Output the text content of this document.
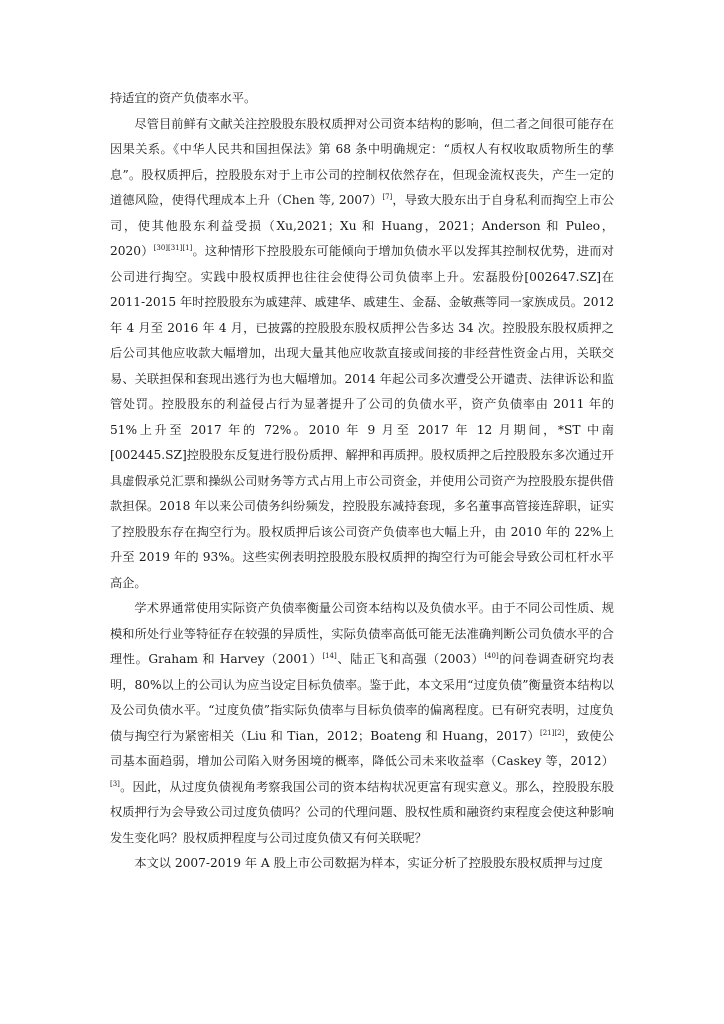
持适宜的资产负债率水平。

尽管目前鲜有文献关注控股股东股权质押对公司资本结构的影响，但二者之间很可能存在因果关系。《中华人民共和国担保法》第 68 条中明确规定：“质权人有权收取质物所生的孳息”。股权质押后，控股股东对于上市公司的控制权依然存在，但现金流权丧失，产生一定的道德风险，使得代理成本上升（Chen 等, 2007）[7]，导致大股东出于自身私利而掏空上市公司，使其他股东利益受损（Xu,2021；Xu 和 Huang，2021；Anderson 和 Puleo，2020）[30][31][1]。这种情形下控股股东可能倾向于增加负债水平以发挥其控制权优势，进而对公司进行掏空。实践中股权质押也往往会使得公司负债率上升。宏磊股份[002647.SZ]在 2011-2015 年时控股股东为戚建萍、戚建华、戚建生、金磊、金敏燕等同一家族成员。2012 年 4 月至 2016 年 4 月，已披露的控股股东股权质押公告多达 34 次。控股股东股权质押之后公司其他应收款大幅增加，出现大量其他应收款直接或间接的非经营性资金占用，关联交易、关联担保和套现出逃行为也大幅增加。2014 年起公司多次遭受公开谴责、法律诉讼和监管处罚。控股股东的利益侵占行为显著提升了公司的负债水平，资产负债率由 2011 年的 51%上升至 2017 年的 72%。2010 年 9 月至 2017 年 12 月期间，*ST 中南[002445.SZ]控股股东反复进行股份质押、解押和再质押。股权质押之后控股股东多次通过开具虚假承兑汇票和操纵公司财务等方式占用上市公司资金，并使用公司资产为控股股东提供借款担保。2018 年以来公司债务纠纷频发，控股股东减持套现，多名董事高管接连辞职，证实了控股股东存在掏空行为。股权质押后该公司资产负债率也大幅上升，由 2010 年的 22%上升至 2019 年的 93%。这些实例表明控股股东股权质押的掏空行为可能会导致公司杠杆水平高企。

学术界通常使用实际资产负债率衡量公司资本结构以及负债水平。由于不同公司性质、规模和所处行业等特征存在较强的异质性，实际负债率高低可能无法准确判断公司负债水平的合理性。Graham 和 Harvey（2001）[14]、陆正飞和高强（2003）[40]的问卷调查研究均表明，80%以上的公司认为应当设定目标负债率。鉴于此，本文采用“过度负债”衡量资本结构以及公司负债水平。“过度负债”指实际负债率与目标负债率的偏离程度。已有研究表明，过度负债与掏空行为紧密相关（Liu 和 Tian，2012；Boateng 和 Huang，2017）[21][2]，致使公司基本面趋弱，增加公司陷入财务困境的概率，降低公司未来收益率（Caskey 等，2012）[3]。因此，从过度负债视角考察我国公司的资本结构状况更富有现实意义。那么，控股股东股权质押行为会导致公司过度负债吗？公司的代理问题、股权性质和融资约束程度会使这种影响发生变化吗？股权质押程度与公司过度负债又有何关联呢？

本文以 2007-2019 年 A 股上市公司数据为样本，实证分析了控股股东股权质押与过度
